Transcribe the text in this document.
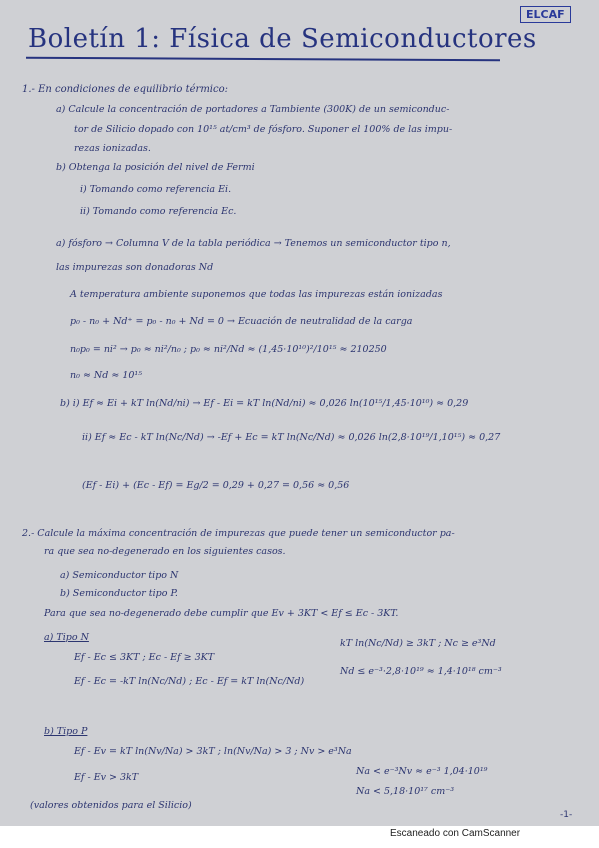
ELCAF
Boletín 1: Física de Semiconductores
1.- En condiciones de equilibrio térmico:
a) Calcule la concentración de portadores a Tambiente (300K) de un semiconduc-
tor de Silicio dopado con 10¹⁵ at/cm³ de fósforo. Suponer el 100% de las impu-
rezas ionizadas.
b) Obtenga la posición del nivel de Fermi
i) Tomando como referencia Ei.
ii) Tomando como referencia Ec.
a) fósforo → Columna V de la tabla periódica → Tenemos un semiconductor tipo n,
las impurezas son donadoras Nd
A temperatura ambiente suponemos que todas las impurezas están ionizadas
p₀ - n₀ + Nd⁺ = p₀ - n₀ + Nd = 0 → Ecuación de neutralidad de la carga
n₀p₀ = ni² → p₀ ≈ ni²/n₀ ; p₀ ≈ ni²/Nd ≈ (1,45·10¹⁰)²/10¹⁵ ≈ 210250
n₀ ≈ Nd ≈ 10¹⁵
b) i) Ef ≈ Ei + kT ln(Nd/ni) → Ef - Ei = kT ln(Nd/ni) ≈ 0,026 ln(10¹⁵/1,45·10¹⁰) ≈ 0,29
ii) Ef ≈ Ec - kT ln(Nc/Nd) → -Ef + Ec = kT ln(Nc/Nd) ≈ 0,026 ln(2,8·10¹⁹/1,10¹⁵) ≈ 0,27
(Ef - Ei) + (Ec - Ef) = Eg/2 = 0,29 + 0,27 = 0,56 ≈ 0,56
2.- Calcule la máxima concentración de impurezas que puede tener un semiconductor pa-
ra que sea no-degenerado en los siguientes casos.
a) Semiconductor tipo N
b) Semiconductor tipo P.
Para que sea no-degenerado debe cumplir que Ev + 3KT < Ef ≤ Ec - 3KT.
a) Tipo N
Ef - Ec ≤ 3KT ; Ec - Ef ≥ 3KT
Ef - Ec = -kT ln(Nc/Nd) ; Ec - Ef = kT ln(Nc/Nd)
kT ln(Nc/Nd) ≥ 3kT ; Nc ≥ e³Nd
Nd ≤ e⁻³·2,8·10¹⁹ ≈ 1,4·10¹⁸ cm⁻³
b) Tipo P
Ef - Ev = kT ln(Nv/Na) > 3kT ; ln(Nv/Na) > 3 ; Nv > e³Na
Na < e⁻³Nv ≈ e⁻³ 1,04·10¹⁹
Ef - Ev > 3kT
Na < 5,18·10¹⁷ cm⁻³
(valores obtenidos para el Silicio)
-1-
Escaneado con CamScanner
